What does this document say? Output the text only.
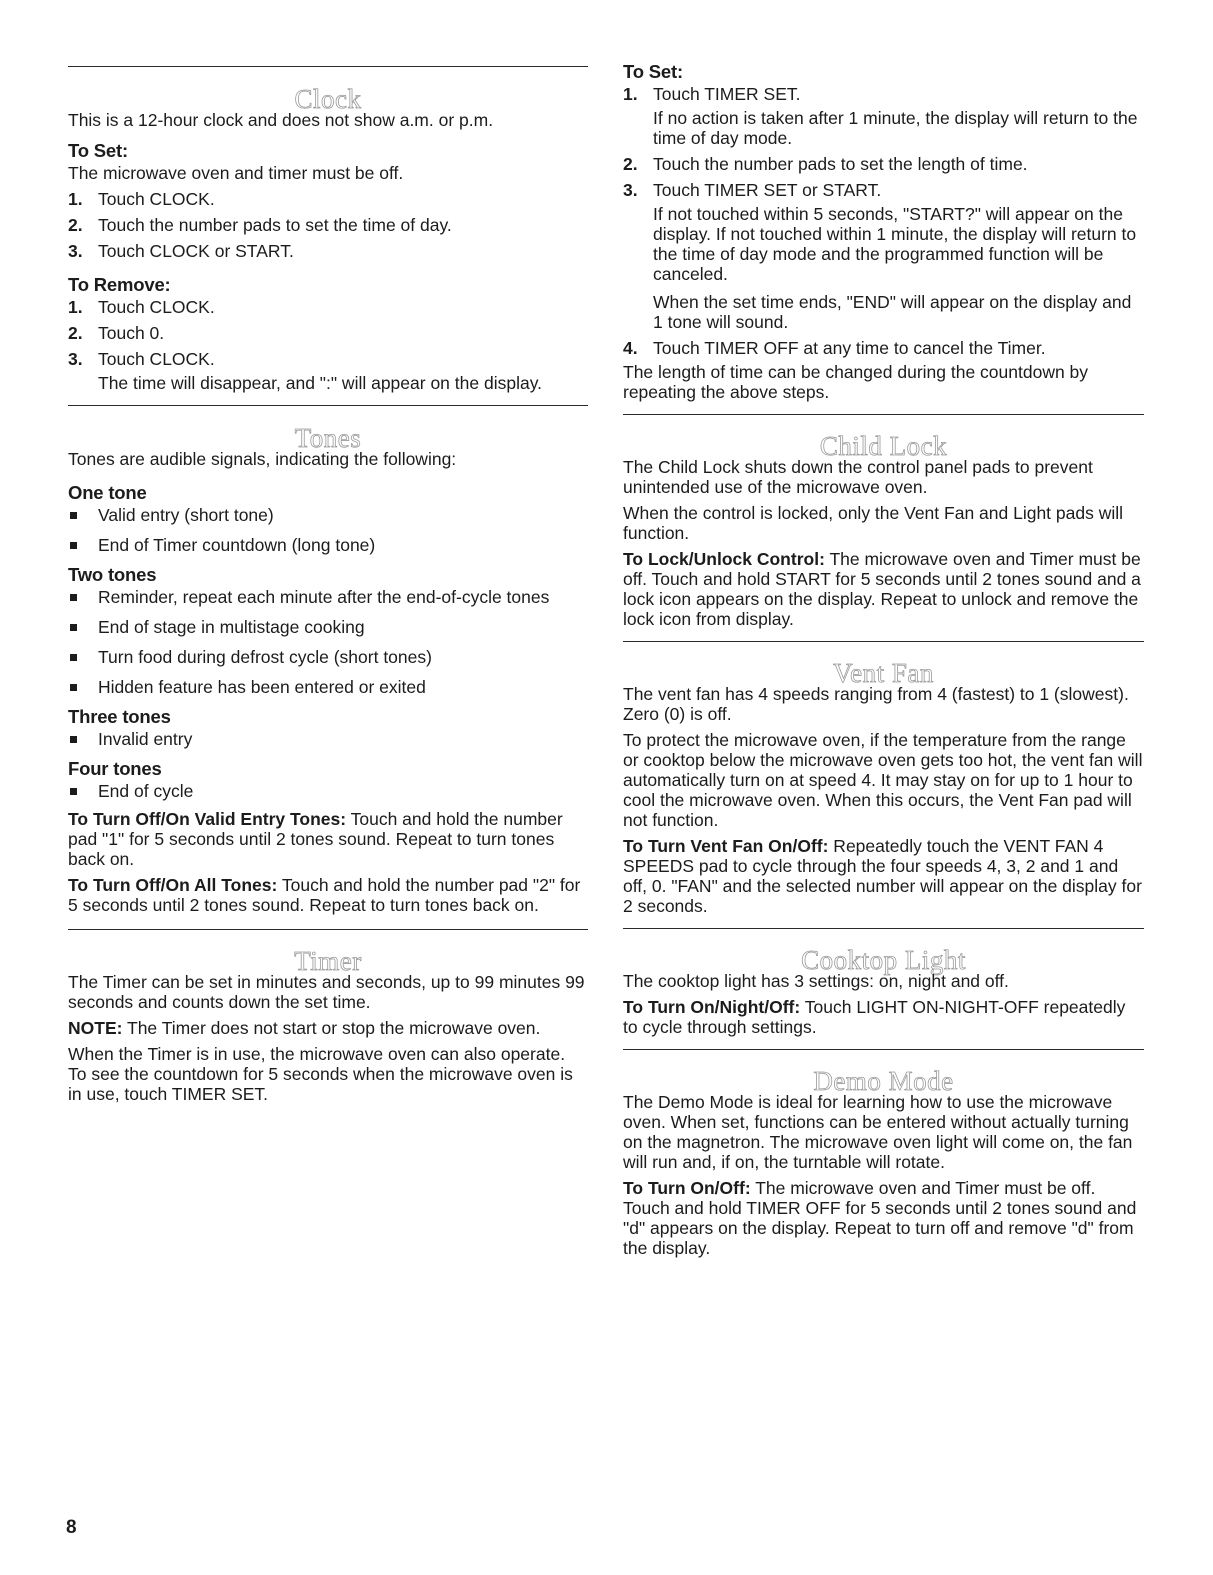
Clock

This is a 12-hour clock and does not show a.m. or p.m.

To Set:

The microwave oven and timer must be off.

1. Touch CLOCK.
2. Touch the number pads to set the time of day.
3. Touch CLOCK or START.
To Remove:
1. Touch CLOCK.
2. Touch 0.
3. Touch CLOCK.
The time will disappear, and ":" will appear on the display.
Tones

Tones are audible signals, indicating the following:

One tone
Valid entry (short tone)
End of Timer countdown (long tone)
Two tones
Reminder, repeat each minute after the end-of-cycle tones
End of stage in multistage cooking
Turn food during defrost cycle (short tones)
Hidden feature has been entered or exited
Three tones
Invalid entry
Four tones
End of cycle

To Turn Off/On Valid Entry Tones: Touch and hold the number pad "1" for 5 seconds until 2 tones sound. Repeat to turn tones back on.

To Turn Off/On All Tones: Touch and hold the number pad "2" for 5 seconds until 2 tones sound. Repeat to turn tones back on.

Timer

The Timer can be set in minutes and seconds, up to 99 minutes 99 seconds and counts down the set time.

NOTE: The Timer does not start or stop the microwave oven.

When the Timer is in use, the microwave oven can also operate. To see the countdown for 5 seconds when the microwave oven is in use, touch TIMER SET.

To Set:
1. Touch TIMER SET.
If no action is taken after 1 minute, the display will return to the time of day mode.
2. Touch the number pads to set the length of time.
3. Touch TIMER SET or START.
If not touched within 5 seconds, "START?" will appear on the display. If not touched within 1 minute, the display will return to the time of day mode and the programmed function will be canceled.
When the set time ends, "END" will appear on the display and 1 tone will sound.
4. Touch TIMER OFF at any time to cancel the Timer.

The length of time can be changed during the countdown by repeating the above steps.

Child Lock

The Child Lock shuts down the control panel pads to prevent unintended use of the microwave oven.

When the control is locked, only the Vent Fan and Light pads will function.

To Lock/Unlock Control: The microwave oven and Timer must be off. Touch and hold START for 5 seconds until 2 tones sound and a lock icon appears on the display. Repeat to unlock and remove the lock icon from display.

Vent Fan

The vent fan has 4 speeds ranging from 4 (fastest) to 1 (slowest). Zero (0) is off.

To protect the microwave oven, if the temperature from the range or cooktop below the microwave oven gets too hot, the vent fan will automatically turn on at speed 4. It may stay on for up to 1 hour to cool the microwave oven. When this occurs, the Vent Fan pad will not function.

To Turn Vent Fan On/Off: Repeatedly touch the VENT FAN 4 SPEEDS pad to cycle through the four speeds 4, 3, 2 and 1 and off, 0. "FAN" and the selected number will appear on the display for 2 seconds.

Cooktop Light

The cooktop light has 3 settings: on, night and off.

To Turn On/Night/Off: Touch LIGHT ON-NIGHT-OFF repeatedly to cycle through settings.

Demo Mode

The Demo Mode is ideal for learning how to use the microwave oven. When set, functions can be entered without actually turning on the magnetron. The microwave oven light will come on, the fan will run and, if on, the turntable will rotate.

To Turn On/Off: The microwave oven and Timer must be off. Touch and hold TIMER OFF for 5 seconds until 2 tones sound and "d" appears on the display. Repeat to turn off and remove "d" from the display.

8
